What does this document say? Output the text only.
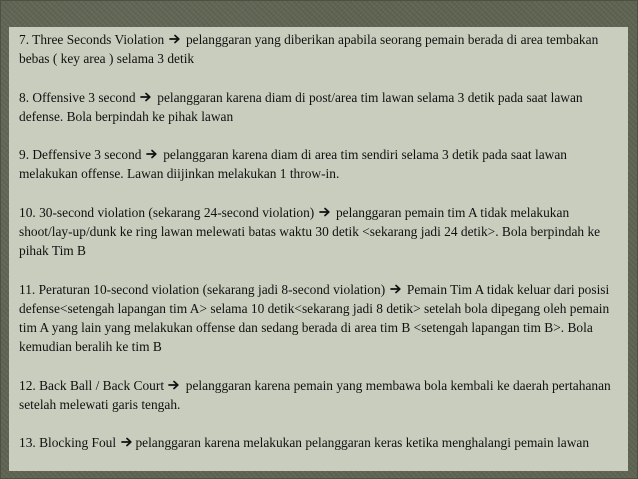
7. Three Seconds Violation pelanggaran yang diberikan apabila seorang pemain berada di area tembakan bebas ( key area ) selama 3 detik

8. Offensive 3 second pelanggaran karena diam di post/area tim lawan selama 3 detik pada saat lawan defense. Bola berpindah ke pihak lawan

9. Deffensive 3 second pelanggaran karena diam di area tim sendiri selama 3 detik pada saat lawan melakukan offense. Lawan diijinkan melakukan 1 throw-in.

10. 30-second violation (sekarang 24-second violation) pelanggaran pemain tim A tidak melakukan shoot/lay-up/dunk ke ring lawan melewati batas waktu 30 detik <sekarang jadi 24 detik>. Bola berpindah ke pihak Tim B

11. Peraturan 10-second violation (sekarang jadi 8-second violation) Pemain Tim A tidak keluar dari posisi defense<setengah lapangan tim A> selama 10 detik<sekarang jadi 8 detik> setelah bola dipegang oleh pemain tim A yang lain yang melakukan offense dan sedang berada di area tim B <setengah lapangan tim B>. Bola kemudian beralih ke tim B

12. Back Ball / Back Court pelanggaran karena pemain yang membawa bola kembali ke daerah pertahanan setelah melewati garis tengah.

13. Blocking Foul pelanggaran karena melakukan pelanggaran keras ketika menghalangi pemain lawan
